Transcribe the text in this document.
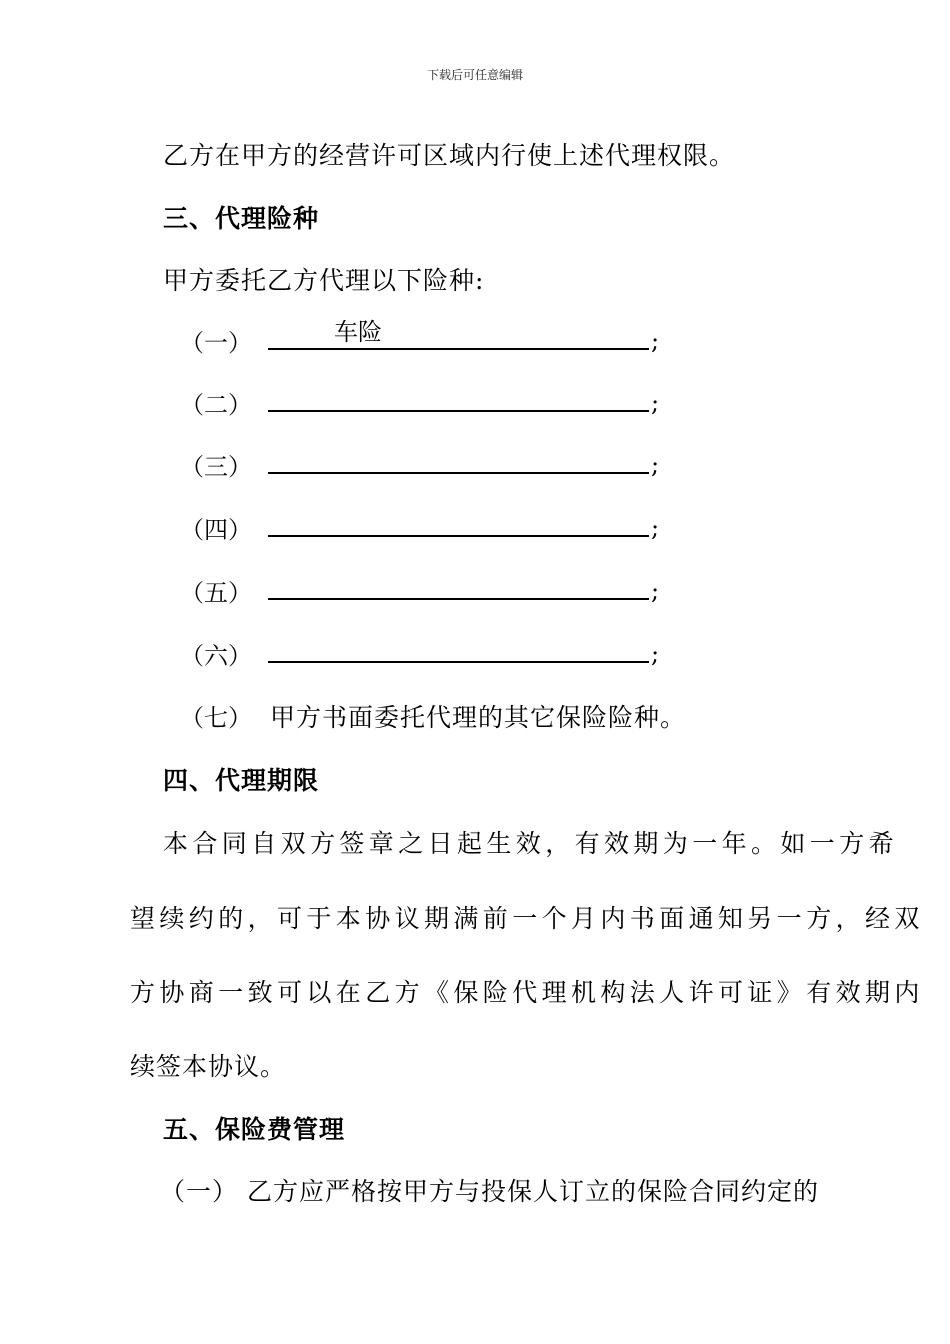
下载后可任意编辑
乙方在甲方的经营许可区域内行使上述代理权限。
三、代理险种
甲方委托乙方代理以下险种:
（一）	车险	;
（二）	;
（三）	;
（四）	;
（五）	;
（六）	;
（七） 甲方书面委托代理的其它保险险种。
四、代理期限
本合同自双方签章之日起生效，有效期为一年。如一方希
望续约的，可于本协议期满前一个月内书面通知另一方，经双
方协商一致可以在乙方《保险代理机构法人许可证》有效期内
续签本协议。
五、保险费管理
（一） 乙方应严格按甲方与投保人订立的保险合同约定的
